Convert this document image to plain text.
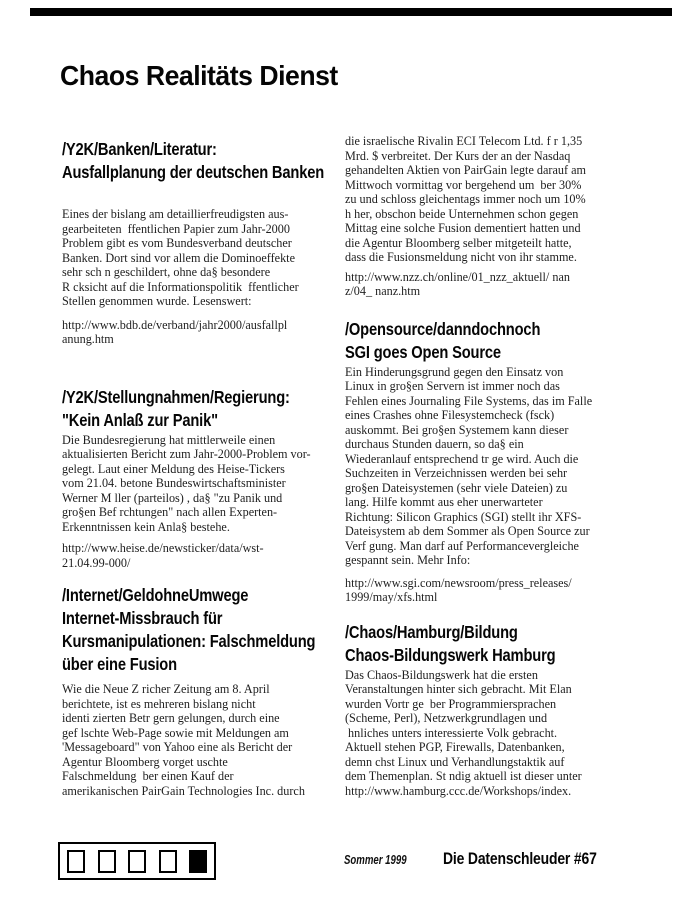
Chaos Realitäts Dienst
/Y2K/Banken/Literatur:
Ausfallplanung der deutschen Banken
Eines der bislang am detaillierfreudigsten aus-
gearbeiteten  ffentlichen Papier zum Jahr-2000
Problem gibt es vom Bundesverband deutscher
Banken. Dort sind vor allem die Dominoeffekte
sehr sch n geschildert, ohne da§ besondere
R cksicht auf die Informationspolitik  ffentlicher
Stellen genommen wurde. Lesenswert:
http://www.bdb.de/verband/jahr2000/ausfallpl
anung.htm
/Y2K/Stellungnahmen/Regierung:
"Kein Anlaß zur Panik"
Die Bundesregierung hat mittlerweile einen
aktualisierten Bericht zum Jahr-2000-Problem vor-
gelegt. Laut einer Meldung des Heise-Tickers
vom 21.04. betone Bundeswirtschaftsminister
Werner M ller (parteilos) , da§ "zu Panik und
gro§en Bef rchtungen" nach allen Experten-
Erkenntnissen kein Anla§ bestehe.
http://www.heise.de/newsticker/data/wst-
21.04.99-000/
/Internet/GeldohneUmwege
Internet-Missbrauch für
Kursmanipulationen: Falschmeldung
über eine Fusion
Wie die Neue Z richer Zeitung am 8. April
berichtete, ist es mehreren bislang nicht
identi zierten Betr gern gelungen, durch eine
gef lschte Web-Page sowie mit Meldungen am
'Messageboard" von Yahoo eine als Bericht der
Agentur Bloomberg vorget uschte
Falschmeldung  ber einen Kauf der
amerikanischen PairGain Technologies Inc. durch
die israelische Rivalin ECI Telecom Ltd. f r 1,35
Mrd. $ verbreitet. Der Kurs der an der Nasdaq
gehandelten Aktien von PairGain legte darauf am
Mittwoch vormittag vor bergehend um  ber 30%
zu und schloss gleichentags immer noch um 10%
h her, obschon beide Unternehmen schon gegen
Mittag eine solche Fusion dementiert hatten und
die Agentur Bloomberg selber mitgeteilt hatte,
dass die Fusionsmeldung nicht von ihr stamme.
http://www.nzz.ch/online/01_nzz_aktuell/ nan
z/04_ nanz.htm
/Opensource/danndochnoch
SGI goes Open Source
Ein Hinderungsgrund gegen den Einsatz von
Linux in gro§en Servern ist immer noch das
Fehlen eines Journaling File Systems, das im Falle
eines Crashes ohne Filesystemcheck (fsck)
auskommt. Bei gro§en Systemem kann dieser
durchaus Stunden dauern, so da§ ein
Wiederanlauf entsprechend tr ge wird. Auch die
Suchzeiten in Verzeichnissen werden bei sehr
gro§en Dateisystemen (sehr viele Dateien) zu
lang. Hilfe kommt aus eher unerwarteter
Richtung: Silicon Graphics (SGI) stellt ihr XFS-
Dateisystem ab dem Sommer als Open Source zur
Verf gung. Man darf auf Performancevergleiche
gespannt sein. Mehr Info:
http://www.sgi.com/newsroom/press_releases/
1999/may/xfs.html
/Chaos/Hamburg/Bildung
Chaos-Bildungswerk Hamburg
Das Chaos-Bildungswerk hat die ersten
Veranstaltungen hinter sich gebracht. Mit Elan
wurden Vortr ge  ber Programmiersprachen
(Scheme, Perl), Netzwerkgrundlagen und
hnliches unters interessierte Volk gebracht.
Aktuell stehen PGP, Firewalls, Datenbanken,
demn chst Linux und Verhandlungstaktik auf
dem Themenplan. St ndig aktuell ist dieser unter
http://www.hamburg.ccc.de/Workshops/index.
Sommer 1999 Die Datenschleuder #67
